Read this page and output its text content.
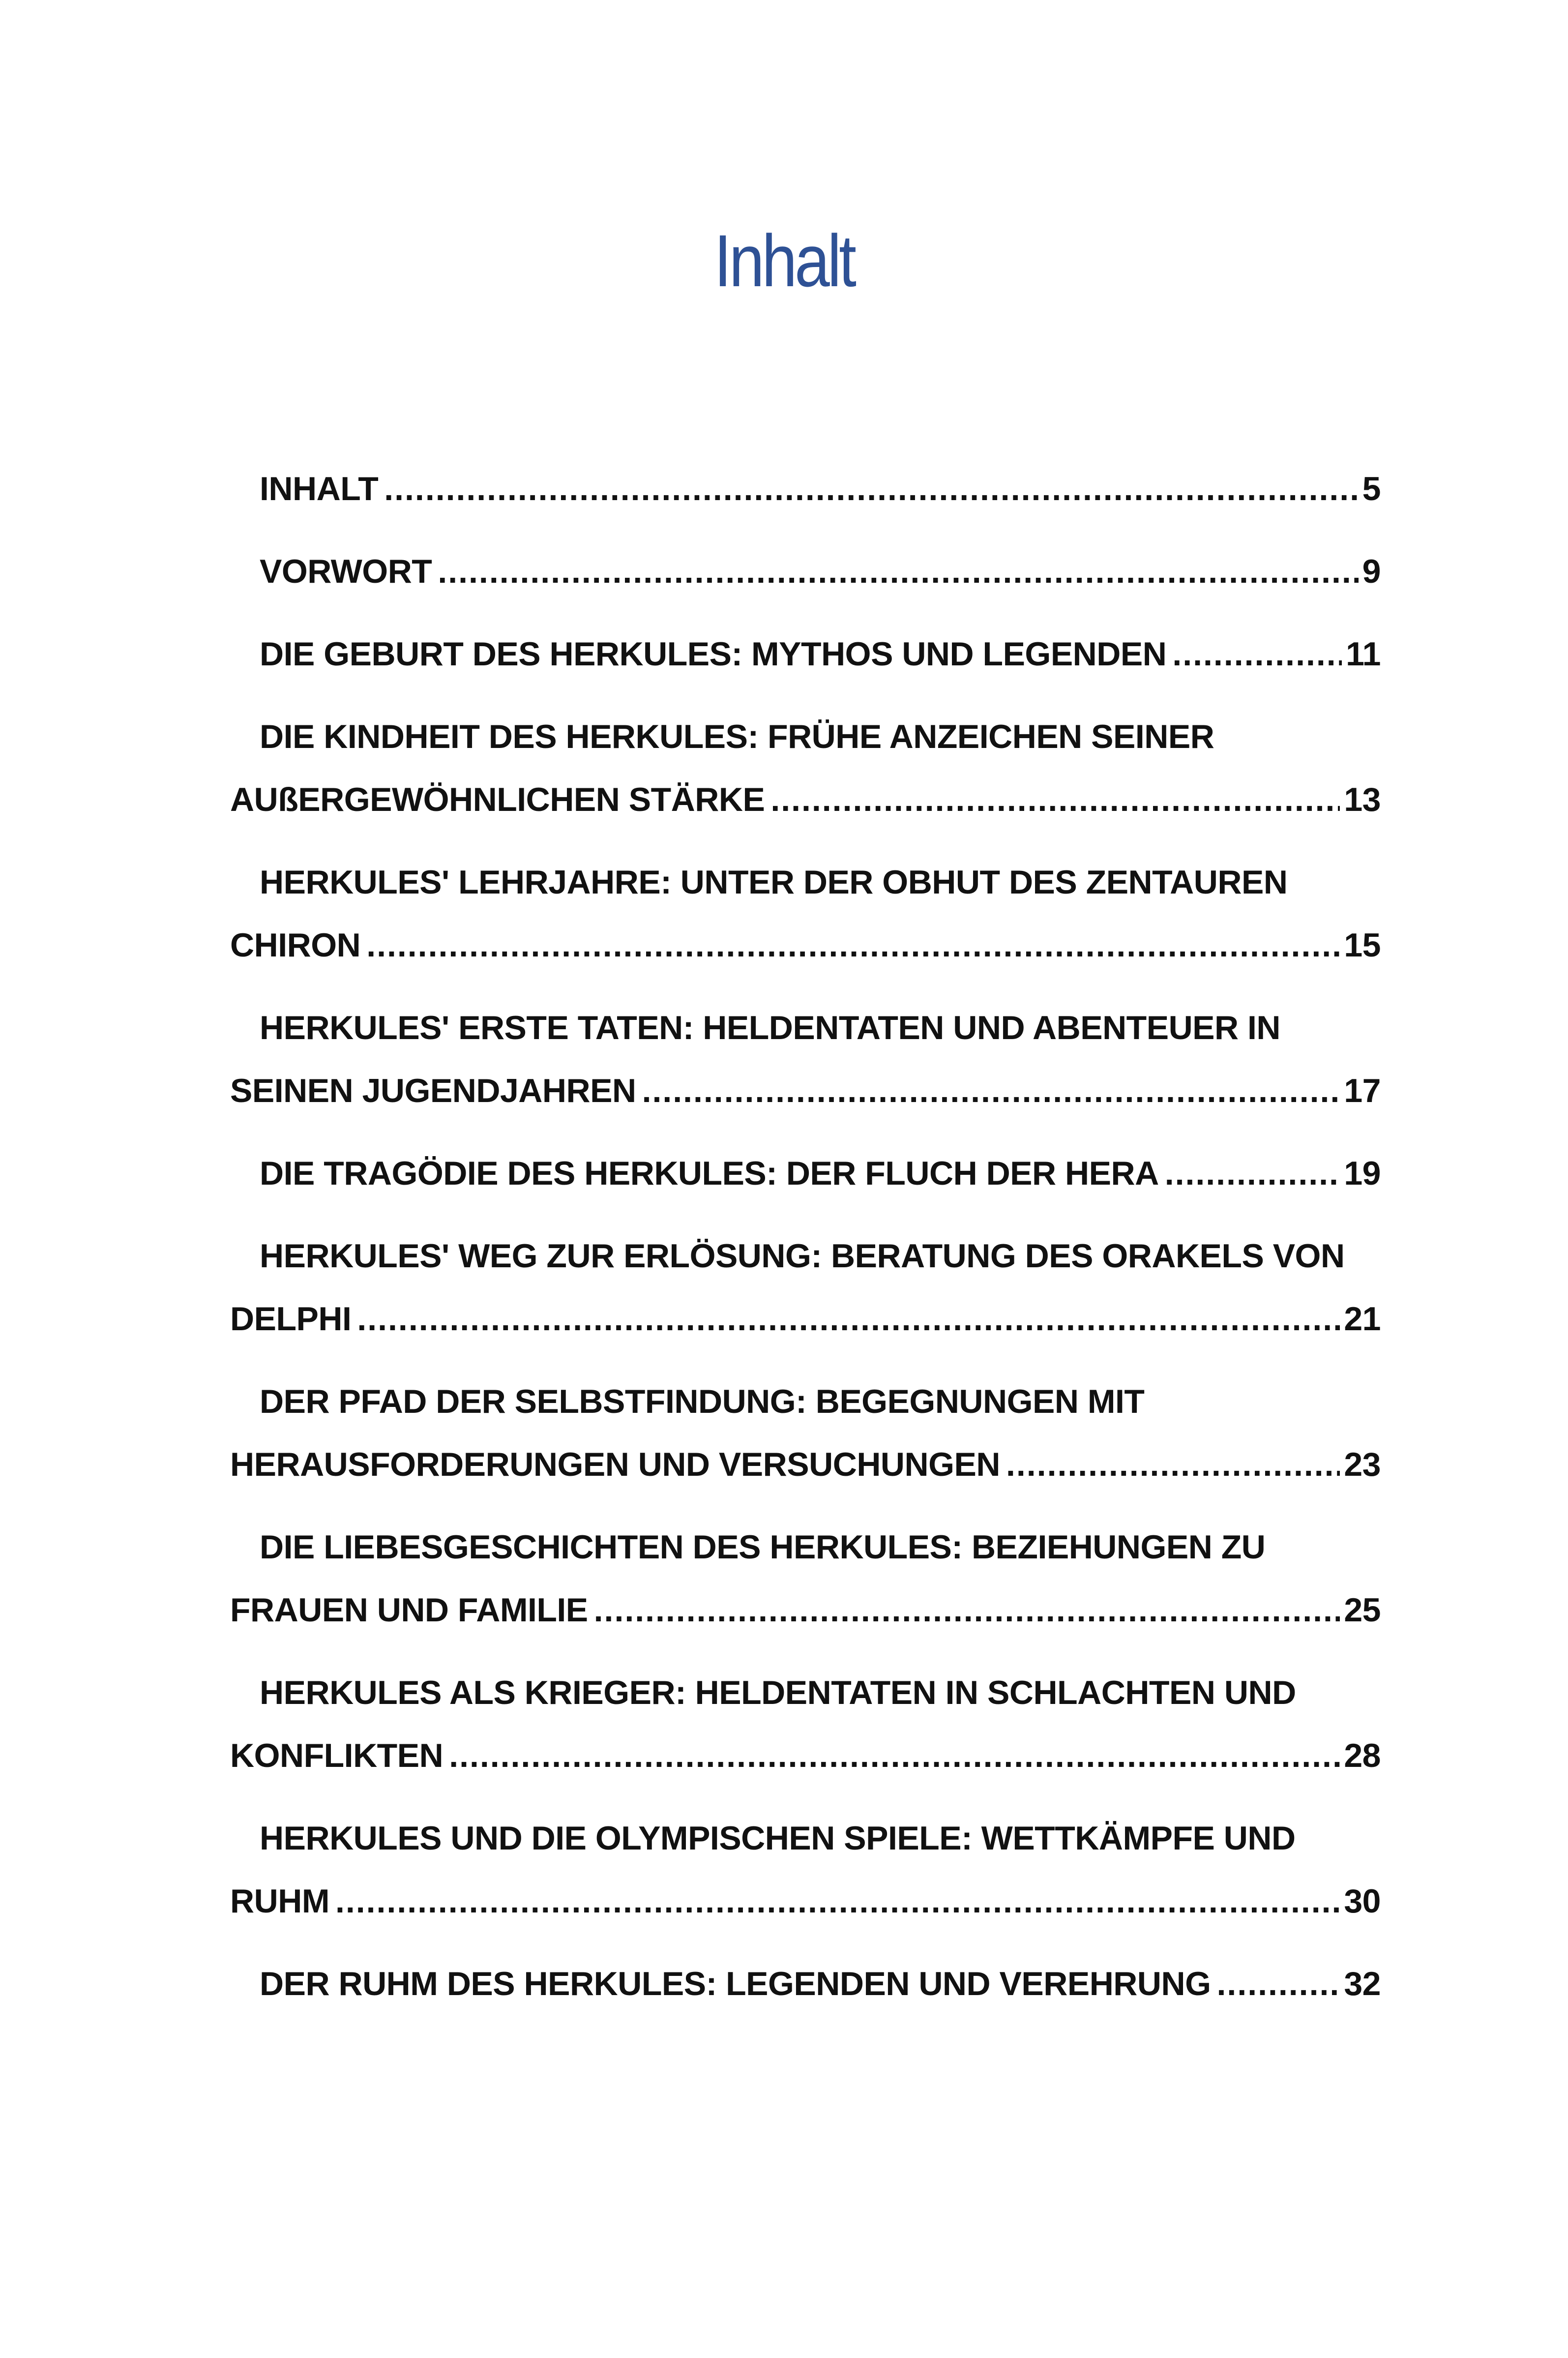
Inhalt
INHALT .....	5
VORWORT .....	9
DIE GEBURT DES HERKULES: MYTHOS UND LEGENDEN .....	11
DIE KINDHEIT DES HERKULES: FRÜHE ANZEICHEN SEINER
AUßERGEWÖHNLICHEN STÄRKE .....	13
HERKULES' LEHRJAHRE: UNTER DER OBHUT DES ZENTAUREN
CHIRON .....	15
HERKULES' ERSTE TATEN: HELDENTATEN UND ABENTEUER IN
SEINEN JUGENDJAHREN .....	17
DIE TRAGÖDIE DES HERKULES: DER FLUCH DER HERA .....	19
HERKULES' WEG ZUR ERLÖSUNG: BERATUNG DES ORAKELS VON
DELPHI .....	21
DER PFAD DER SELBSTFINDUNG: BEGEGNUNGEN MIT
HERAUSFORDERUNGEN UND VERSUCHUNGEN .....	23
DIE LIEBESGESCHICHTEN DES HERKULES: BEZIEHUNGEN ZU
FRAUEN UND FAMILIE .....	25
HERKULES ALS KRIEGER: HELDENTATEN IN SCHLACHTEN UND
KONFLIKTEN .....	28
HERKULES UND DIE OLYMPISCHEN SPIELE: WETTKÄMPFE UND
RUHM .....	30
DER RUHM DES HERKULES: LEGENDEN UND VEREHRUNG .....	32
